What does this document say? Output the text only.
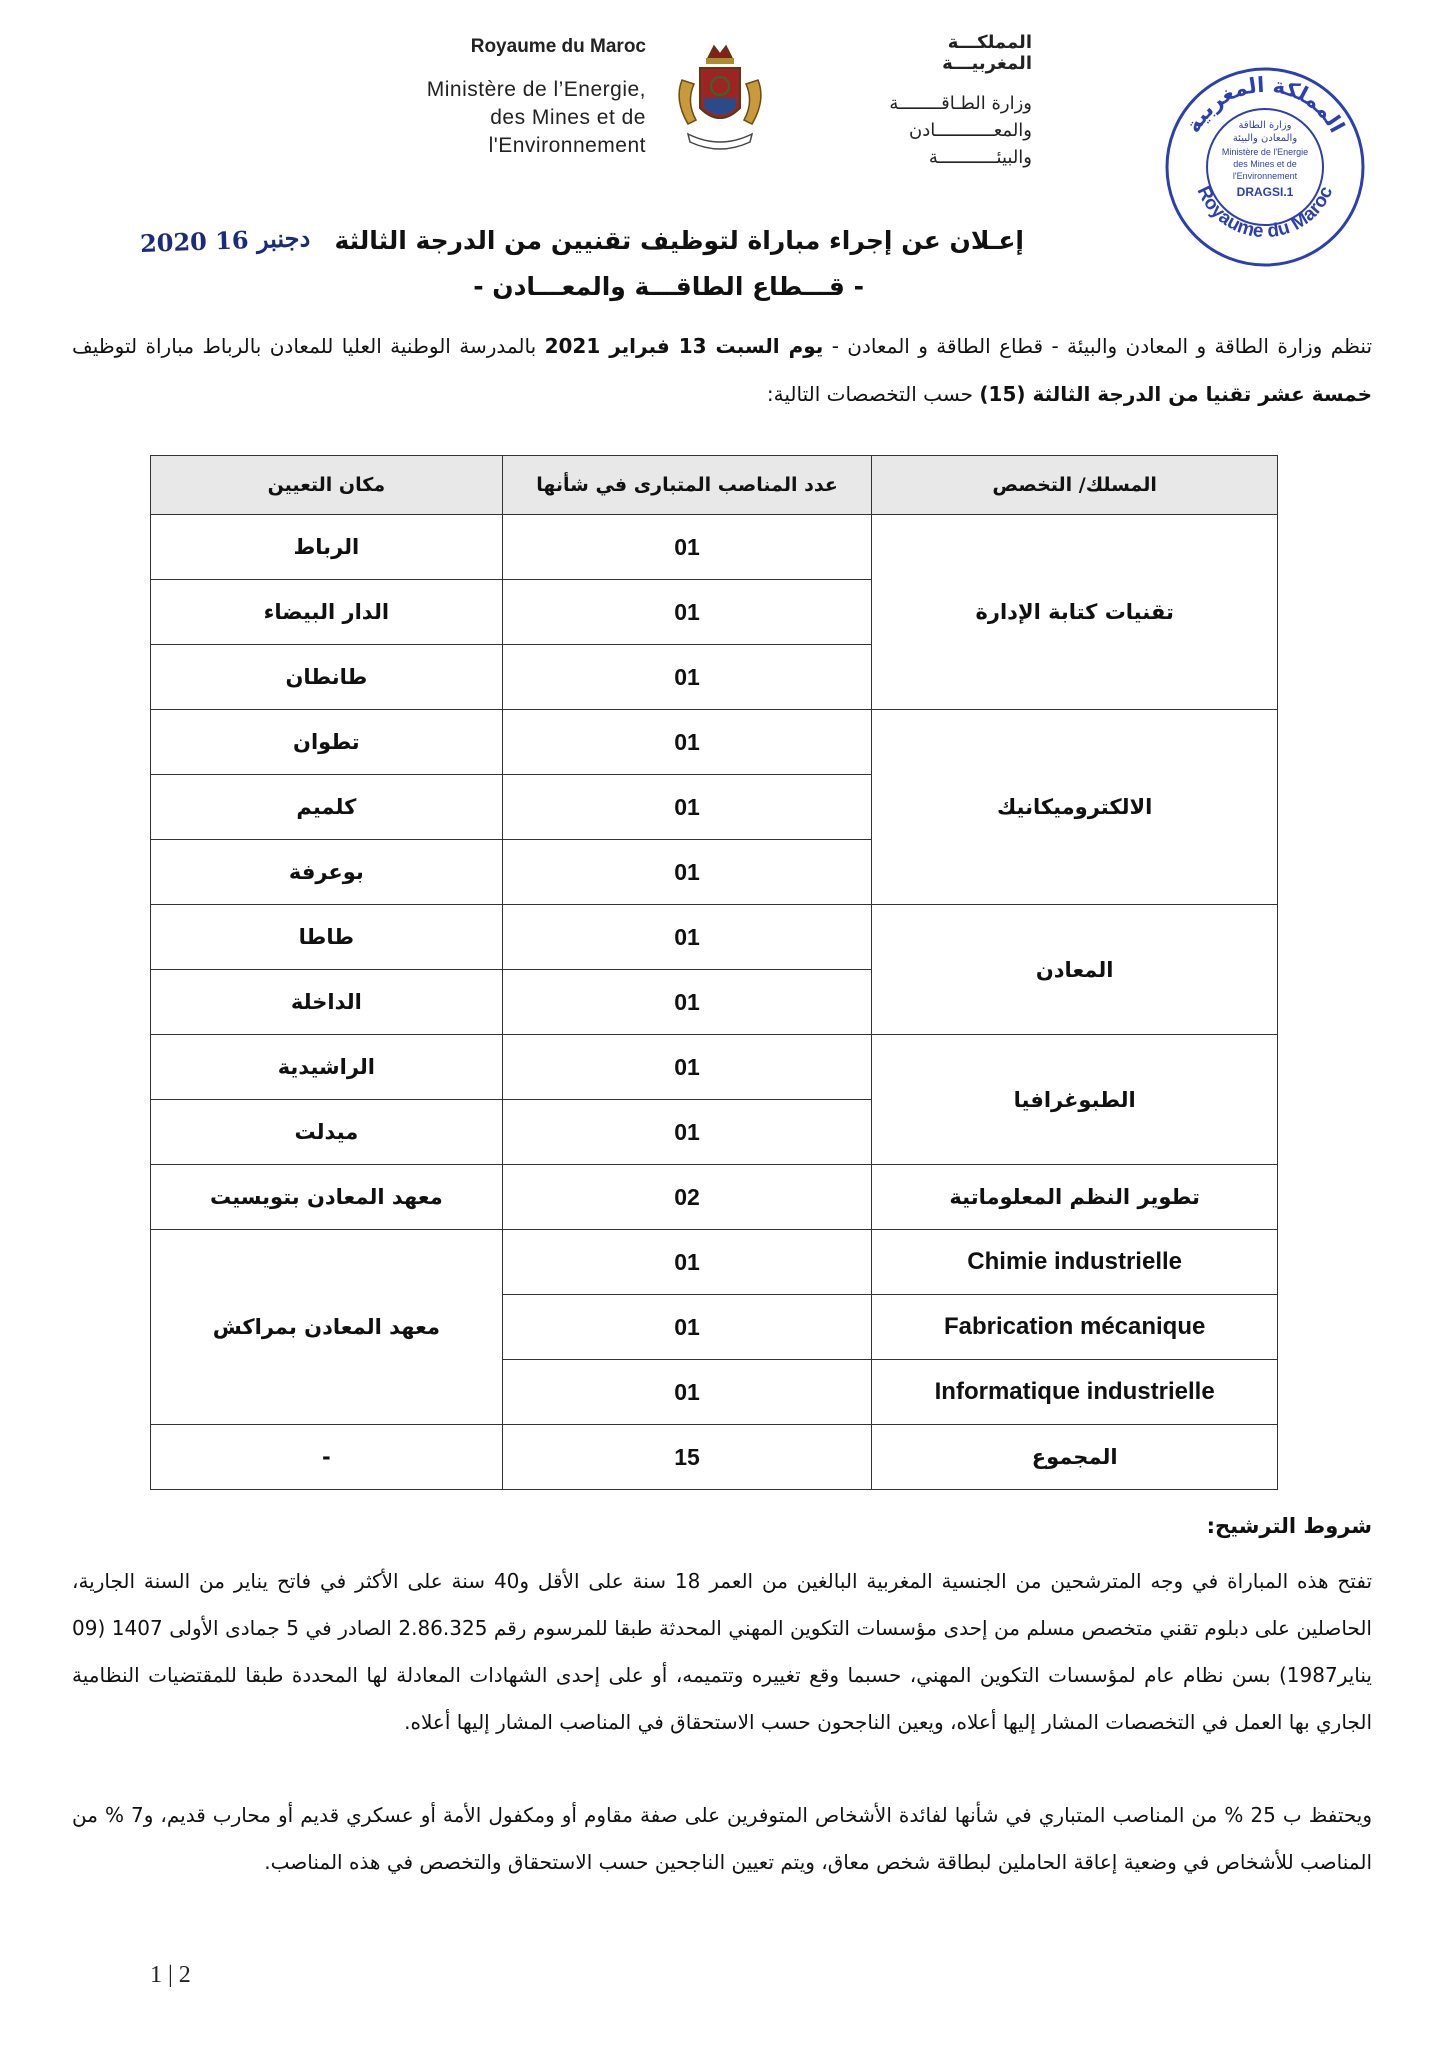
Royaume du Maroc
Ministère de l’Energie,
des Mines et de
l'Environnement
المملكـــة المغربيـــة
وزارة الطـاقــــــــة
والمعـــــــــــادن
والبيئـــــــــــة
المملكة المغربية
Royaume du Maroc
وزارة الطاقة
والمعادن والبيئة
Ministère de l'Energie
des Mines et de
l'Environnement
DRAGSI.1
2020 16 دجنبر إعـلان عن إجراء مباراة لتوظيف تقنيين من الدرجة الثالثة
- قـــطاع الطاقـــة والمعـــادن -
تنظم وزارة الطاقة و المعادن والبيئة - قطاع الطاقة و المعادن - يوم السبت 13 فبراير 2021 بالمدرسة الوطنية العليا للمعادن بالرباط مباراة لتوظيف خمسة عشر تقنيا من الدرجة الثالثة (15) حسب التخصصات التالية:
المسلك/ التخصص	عدد المناصب المتبارى في شأنها	مكان التعيين
تقنيات كتابة الإدارة	01	الرباط
	01	الدار البيضاء
	01	طانطان
الالكتروميكانيك	01	تطوان
	01	كلميم
	01	بوعرفة
المعادن	01	طاطا
	01	الداخلة
الطبوغرافيا	01	الراشيدية
	01	ميدلت
تطوير النظم المعلوماتية	02	معهد المعادن بتويسيت
Chimie industrielle	01	معهد المعادن بمراكش
Fabrication mécanique	01	
Informatique industrielle	01	
المجموع	15	-
شروط الترشيح:
تفتح هذه المباراة في وجه المترشحين من الجنسية المغربية البالغين من العمر 18 سنة على الأقل و40 سنة على الأكثر في فاتح يناير من السنة الجارية، الحاصلين على دبلوم تقني متخصص مسلم من إحدى مؤسسات التكوين المهني المحدثة طبقا للمرسوم رقم 2.86.325 الصادر في 5 جمادى الأولى 1407 (09 يناير1987) بسن نظام عام لمؤسسات التكوين المهني، حسبما وقع تغييره وتتميمه، أو على إحدى الشهادات المعادلة لها المحددة طبقا للمقتضيات النظامية الجاري بها العمل في التخصصات المشار إليها أعلاه، ويعين الناجحون حسب الاستحقاق في المناصب المشار إليها أعلاه.
ويحتفظ ب 25 % من المناصب المتباري في شأنها لفائدة الأشخاص المتوفرين على صفة مقاوم أو ومكفول الأمة أو عسكري قديم أو محارب قديم، و7 % من المناصب للأشخاص في وضعية إعاقة الحاملين لبطاقة شخص معاق، ويتم تعيين الناجحين حسب الاستحقاق والتخصص في هذه المناصب.
1 | 2
